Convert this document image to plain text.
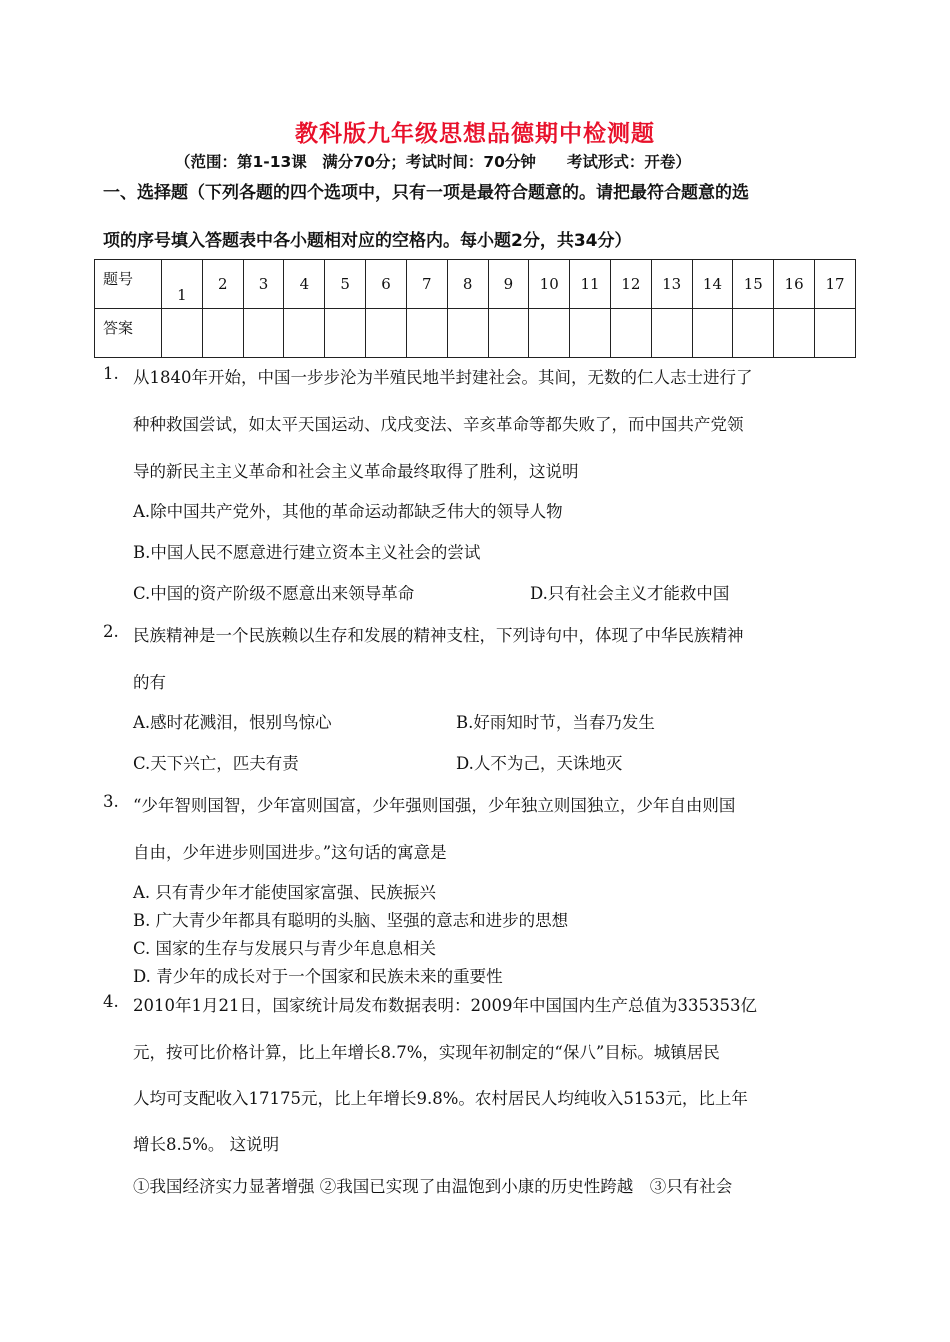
教科版九年级思想品德期中检测题
（范围：第1-13课　满分70分；考试时间：70分钟　　考试形式：开卷）
一、选择题（下列各题的四个选项中，只有一项是最符合题意的。请把最符合题意的选
项的序号填入答题表中各小题相对应的空格内。每小题2分，共34分）
题号	1	2	3	4	5	6	7	8	9	10	11	12	13	14	15	16	17
答案																	
1. 从1840年开始，中国一步步沦为半殖民地半封建社会。其间，无数的仁人志士进行了
种种救国尝试，如太平天国运动、戊戌变法、辛亥革命等都失败了，而中国共产党领
导的新民主主义革命和社会主义革命最终取得了胜利，这说明
A.除中国共产党外，其他的革命运动都缺乏伟大的领导人物
B.中国人民不愿意进行建立资本主义社会的尝试
C.中国的资产阶级不愿意出来领导革命	D.只有社会主义才能救中国
2. 民族精神是一个民族赖以生存和发展的精神支柱，下列诗句中，体现了中华民族精神
的有
A.感时花溅泪，恨别鸟惊心	B.好雨知时节，当春乃发生
C.天下兴亡，匹夫有责	D.人不为己，天诛地灭
3. “少年智则国智，少年富则国富，少年强则国强，少年独立则国独立，少年自由则国
自由，少年进步则国进步。”这句话的寓意是
A. 只有青少年才能使国家富强、民族振兴
B. 广大青少年都具有聪明的头脑、坚强的意志和进步的思想
C. 国家的生存与发展只与青少年息息相关
D. 青少年的成长对于一个国家和民族未来的重要性
4. 2010年1月21日，国家统计局发布数据表明：2009年中国国内生产总值为335353亿
元，按可比价格计算，比上年增长8.7%，实现年初制定的“保八”目标。城镇居民
人均可支配收入17175元，比上年增长9.8%。农村居民人均纯收入5153元，比上年
增长8.5%。 这说明
①我国经济实力显著增强 ②我国已实现了由温饱到小康的历史性跨越　③只有社会
